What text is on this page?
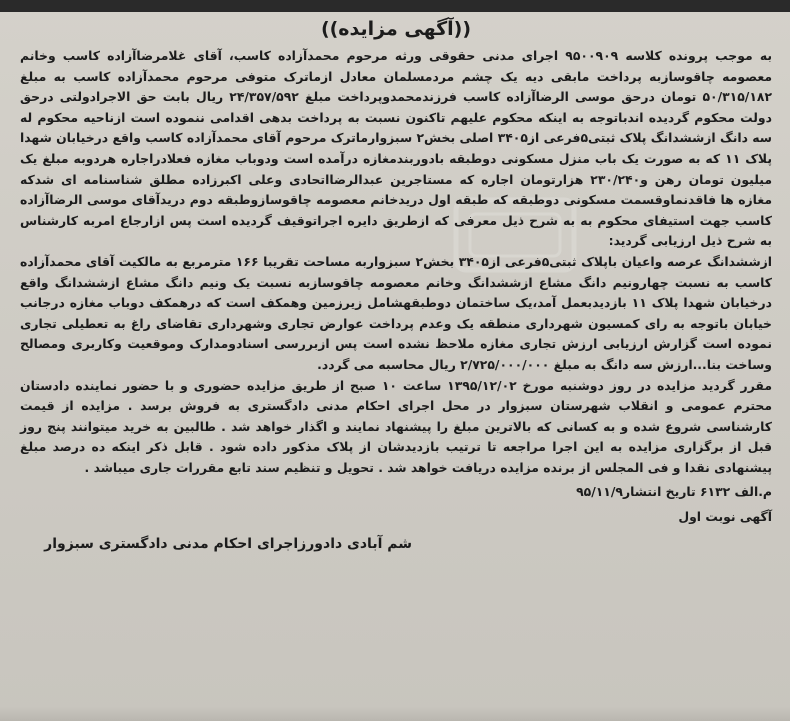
((آگهی مزایده))

به موجب پرونده کلاسه ۹۵۰۰۹۰۹ اجرای مدنی حقوقی ورثه مرحوم محمدآزاده کاسب، آقای غلامرضاآزاده کاسب وخانم معصومه چاقوسازبه پرداخت مابقی دیه یک چشم مردمسلمان معادل ازماترک متوفی مرحوم محمدآزاده کاسب به مبلغ ۵۰/۳۱۵/۱۸۲ تومان درحق موسی الرضاآزاده کاسب فرزندمحمدوپرداخت مبلغ ۲۴/۳۵۷/۵۹۲ ریال بابت حق الاجرادولتی درحق دولت محکوم گردیده اندباتوجه به اینکه محکوم علیهم تاکنون نسبت به پرداخت بدهی اقدامی ننموده است ازناحیه محکوم له سه دانگ ازششدانگ پلاک ثبتی۵فرعی از۳۴۰۵ اصلی بخش۲ سبزوارماترک مرحوم آقای محمدآزاده کاسب واقع درخیابان شهدا پلاک ۱۱ که به صورت یک باب منزل مسکونی دوطبقه بادوربندمغازه درآمده است ودوباب مغازه فعلادراجاره هردوبه مبلغ یک میلیون تومان رهن و۲۳۰/۲۴۰ هزارتومان اجاره که مستاجرین عبدالرضااتحادی وعلی اکبرزاده مطلق شناسنامه ای شدکه مغازه ها فاقدنماوقسمت مسکونی دوطبقه که طبقه اول دریدخانم معصومه چاقوسازوطبقه دوم دریدآقای موسی الرضاآزاده کاسب جهت استیفای محکوم به به شرح ذیل معرفی که ازطریق دایره اجراتوقیف گردیده است پس ازارجاع امربه کارشناس به شرح ذیل ارزیابی گردید:

ازششدانگ عرصه واعیان باپلاک ثبتی۵فرعی از۳۴۰۵ بخش۲ سبزواربه مساحت تقریبا ۱۶۶ مترمربع به مالکیت آقای محمدآزاده کاسب به نسبت چهارونیم دانگ مشاع ازششدانگ وخانم معصومه چاقوسازبه نسبت یک ونیم دانگ مشاع ازششدانگ واقع درخیابان شهدا پلاک ۱۱ بازدیدبعمل آمد،یک ساختمان دوطبقهشامل زیرزمین وهمکف است که درهمکف دوباب مغازه درجانب خیابان باتوجه به رای کمسیون شهرداری منطقه یک وعدم پرداخت عوارض تجاری وشهرداری تقاضای راغ به تعطیلی تجاری نموده است گزارش ارزیابی ارزش تجاری مغازه ملاحظ نشده است پس ازبررسی اسنادومدارک وموقعیت وکاربری ومصالح وساخت بنا...ارزش سه دانگ به مبلغ ۲/۷۲۵/۰۰۰/۰۰۰ ریال محاسبه می گردد.

مقرر گردید مزایده در روز دوشنبه مورخ ۱۳۹۵/۱۲/۰۲ ساعت ۱۰ صبح از طریق مزایده حضوری و با حضور نماینده دادستان محترم عمومی و انقلاب شهرستان سبزوار در محل اجرای احکام مدنی دادگستری به فروش برسد . مزایده از قیمت کارشناسی شروع شده و به کسانی که بالاترین مبلغ را پیشنهاد نمایند و اگذار خواهد شد . طالبین به خرید میتوانند پنج روز قبل از برگزاری مزایده به این اجرا مراجعه تا ترتیب بازدیدشان از پلاک مذکور داده شود . قابل ذکر اینکه ده درصد مبلغ پیشنهادی نقدا و فی المجلس از برنده مزایده دریافت خواهد شد . تحویل و تنظیم سند تابع مقررات جاری میباشد .

م.الف ۶۱۳۲ تاریخ انتشار۹۵/۱۱/۹
آگهی نوبت اول
شم آبادی دادورزاجرای احکام مدنی دادگستری سبزوار
